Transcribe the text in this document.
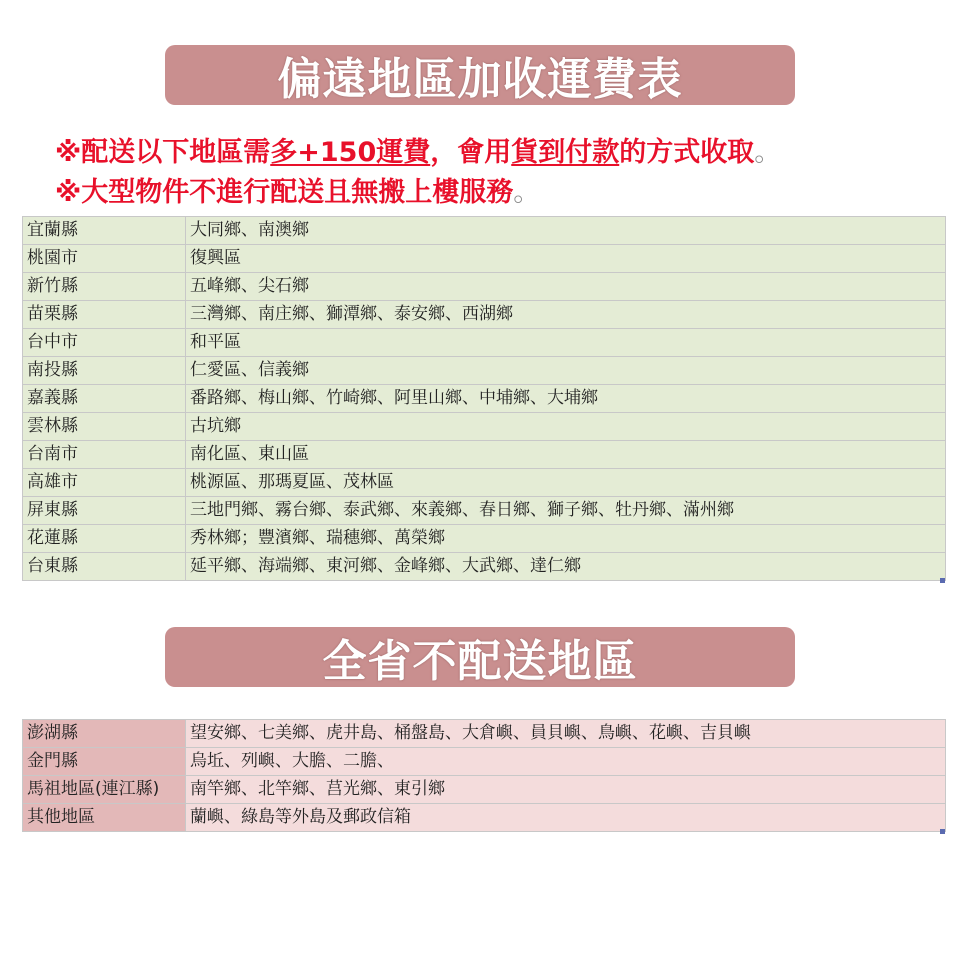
偏遠地區加收運費表
※配送以下地區需多+150運費，會用貨到付款的方式收取。
※大型物件不進行配送且無搬上樓服務。
宜蘭縣	大同鄉、南澳鄉
桃園市	復興區
新竹縣	五峰鄉、尖石鄉
苗栗縣	三灣鄉、南庄鄉、獅潭鄉、泰安鄉、西湖鄉
台中市	和平區
南投縣	仁愛區、信義鄉
嘉義縣	番路鄉、梅山鄉、竹崎鄉、阿里山鄉、中埔鄉、大埔鄉
雲林縣	古坑鄉
台南市	南化區、東山區
高雄市	桃源區、那瑪夏區、茂林區
屏東縣	三地門鄉、霧台鄉、泰武鄉、來義鄉、春日鄉、獅子鄉、牡丹鄉、滿州鄉
花蓮縣	秀林鄉；豐濱鄉、瑞穗鄉、萬榮鄉
台東縣	延平鄉、海端鄉、東河鄉、金峰鄉、大武鄉、達仁鄉
全省不配送地區
澎湖縣	望安鄉、七美鄉、虎井島、桶盤島、大倉嶼、員貝嶼、鳥嶼、花嶼、吉貝嶼
金門縣	烏坵、列嶼、大膽、二膽、
馬祖地區(連江縣)	南竿鄉、北竿鄉、莒光鄉、東引鄉
其他地區	蘭嶼、綠島等外島及郵政信箱
